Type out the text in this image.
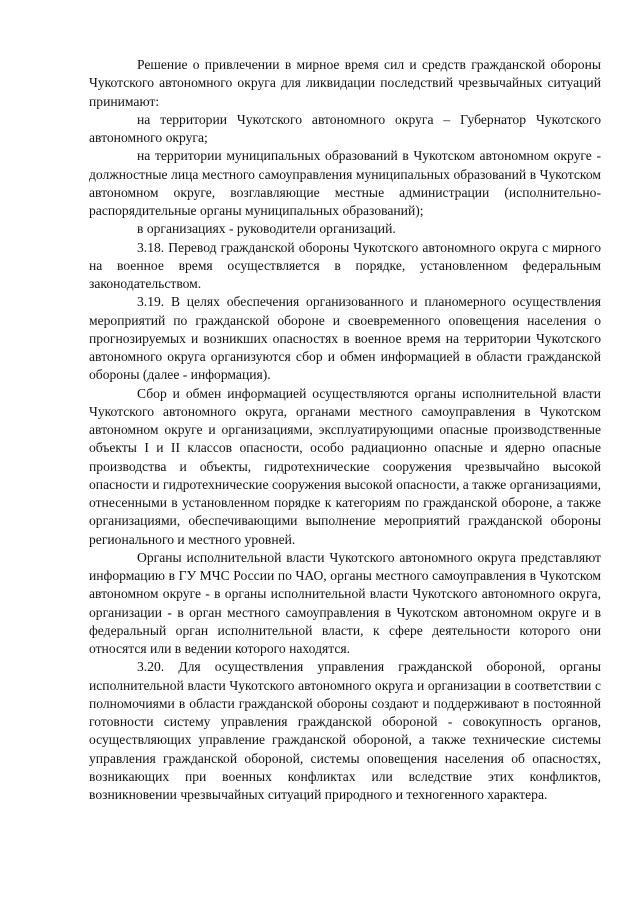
Решение о привлечении в мирное время сил и средств гражданской обороны Чукотского автономного округа для ликвидации последствий чрезвычайных ситуаций принимают:

на территории Чукотского автономного округа – Губернатор Чукотского автономного округа;

на территории муниципальных образований в Чукотском автономном округе - должностные лица местного самоуправления муниципальных образований в Чукотском автономном округе, возглавляющие местные администрации (исполнительно-распорядительные органы муниципальных образований);

в организациях - руководители организаций.

3.18. Перевод гражданской обороны Чукотского автономного округа с мирного на военное время осуществляется в порядке, установленном федеральным законодательством.

3.19. В целях обеспечения организованного и планомерного осуществления мероприятий по гражданской обороне и своевременного оповещения населения о прогнозируемых и возникших опасностях в военное время на территории Чукотского автономного округа организуются сбор и обмен информацией в области гражданской обороны (далее - информация).

Сбор и обмен информацией осуществляются органы исполнительной власти Чукотского автономного округа, органами местного самоуправления в Чукотском автономном округе и организациями, эксплуатирующими опасные производственные объекты I и II классов опасности, особо радиационно опасные и ядерно опасные производства и объекты, гидротехнические сооружения чрезвычайно высокой опасности и гидротехнические сооружения высокой опасности, а также организациями, отнесенными в установленном порядке к категориям по гражданской обороне, а также организациями, обеспечивающими выполнение мероприятий гражданской обороны регионального и местного уровней.

Органы исполнительной власти Чукотского автономного округа представляют информацию в ГУ МЧС России по ЧАО, органы местного самоуправления в Чукотском автономном округе - в органы исполнительной власти Чукотского автономного округа, организации - в орган местного самоуправления в Чукотском автономном округе и в федеральный орган исполнительной власти, к сфере деятельности которого они относятся или в ведении которого находятся.

3.20. Для осуществления управления гражданской обороной, органы исполнительной власти Чукотского автономного округа и организации в соответствии с полномочиями в области гражданской обороны создают и поддерживают в постоянной готовности систему управления гражданской обороной - совокупность органов, осуществляющих управление гражданской обороной, а также технические системы управления гражданской обороной, системы оповещения населения об опасностях, возникающих при военных конфликтах или вследствие этих конфликтов, возникновении чрезвычайных ситуаций природного и техногенного характера.
